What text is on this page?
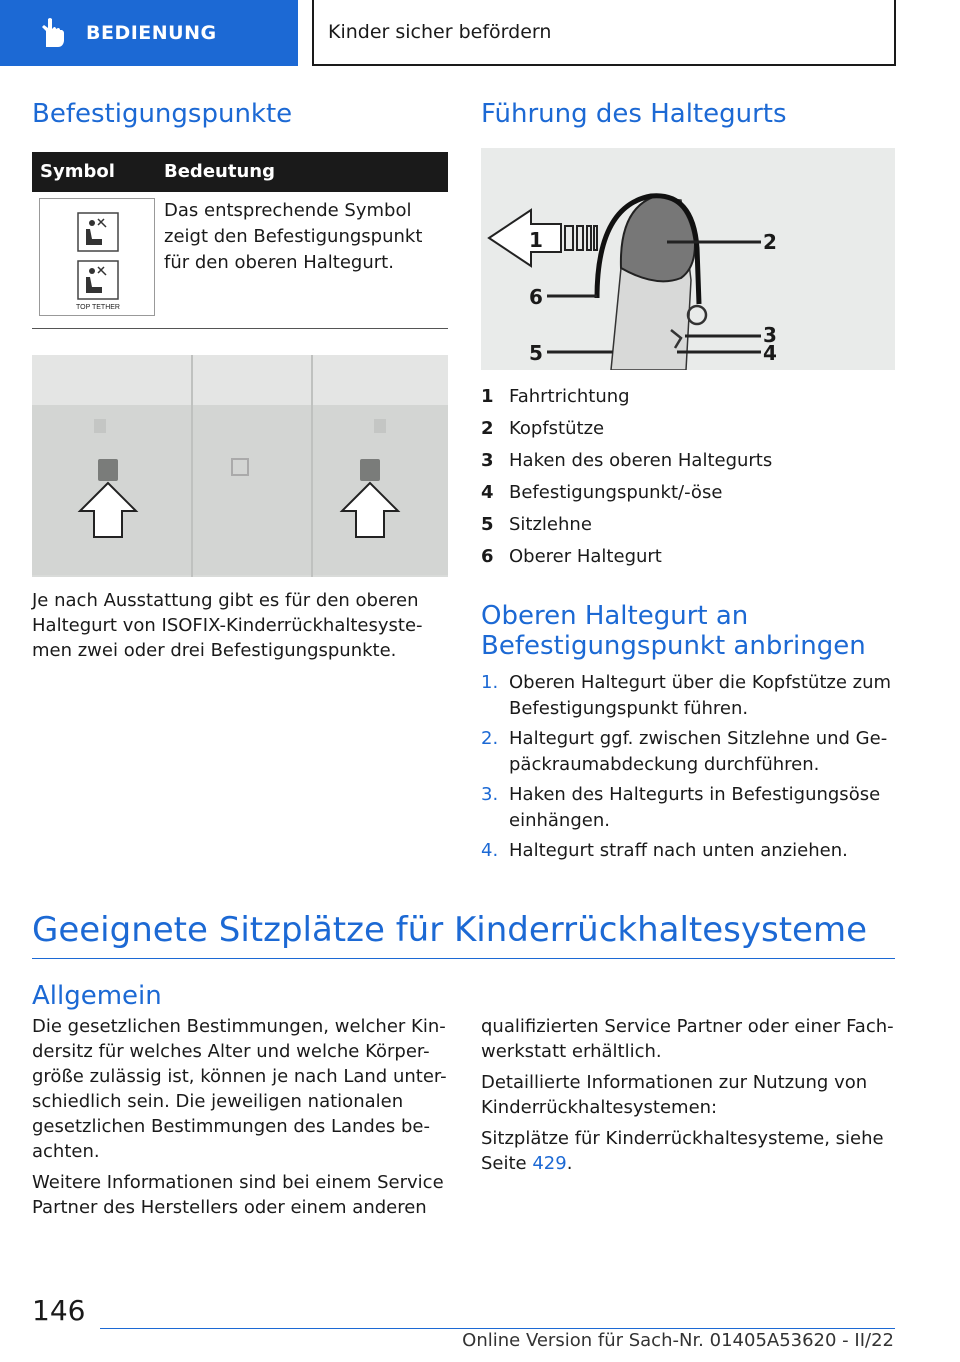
BEDIENUNG	Kinder sicher befördern
Befestigungspunkte
Symbol	Bedeutung
TOP TETHER
Das entsprechende Symbol zeigt den Befestigungspunkt für den oberen Haltegurt.
Je nach Ausstattung gibt es für den oberen Haltegurt von ISOFIX-Kinderrückhaltesyste- men zwei oder drei Befestigungspunkte.
Führung des Haltegurts
1	2
3
4
5
6
1 Fahrtrichtung
2 Kopfstütze
3 Haken des oberen Haltegurts
4 Befestigungspunkt/-öse
5 Sitzlehne
6 Oberer Haltegurt
Oberen Haltegurt an
Befestigungspunkt anbringen
1. Oberen Haltegurt über die Kopfstütze zum Befestigungspunkt führen.
2. Haltegurt ggf. zwischen Sitzlehne und Ge- päckraumabdeckung durchführen.
3. Haken des Haltegurts in Befestigungsöse einhängen.
4. Haltegurt straff nach unten anziehen.
Geeignete Sitzplätze für Kinderrückhaltesysteme
Allgemein

Die gesetzlichen Bestimmungen, welcher Kin- dersitz für welches Alter und welche Körper- größe zulässig ist, können je nach Land unter- schiedlich sein. Die jeweiligen nationalen gesetzlichen Bestimmungen des Landes be- achten.

Weitere Informationen sind bei einem Service Partner des Herstellers oder einem anderen

qualifizierten Service Partner oder einer Fach- werkstatt erhältlich.

Detaillierte Informationen zur Nutzung von Kinderrückhaltesystemen:

Sitzplätze für Kinderrückhaltesysteme, siehe Seite 429.

146
Online Version für Sach-Nr. 01405A53620 - II/22
